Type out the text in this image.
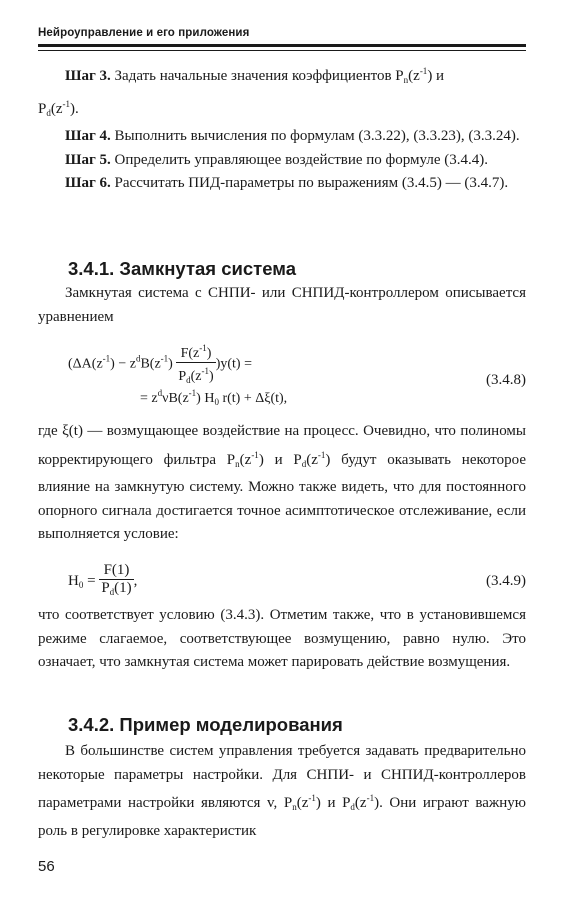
Нейроуправление и его приложения

Шаг 3. Задать начальные значения коэффициентов $P_n(z^{-1})$ и
$P_d(z^{-1})$.

Шаг 4. Выполнить вычисления по формулам (3.3.22), (3.3.23), (3.3.24).

Шаг 5. Определить управляющее воздействие по формуле (3.4.4).

Шаг 6. Рассчитать ПИД-параметры по выражениям (3.4.5) — (3.4.7).

3.4.1. Замкнутая система
Замкнутая система с СНПИ- или СНПИД-контроллером описывается уравнением
$(\Delta A(z^{-1}) - z^dB(z^{-1}) \frac{F(z^{-1})}{P_d(z^{-1})} )y(t)$ =
= $z^d\nu B(z^{-1})$ $H_0$ r(t) + Δξ(t),
(3.4.8)
где ξ(t) — возмущающее воздействие на процесс. Очевидно, что полиномы корректирующего фильтра $P_n(z^{-1})$ и $P_d(z^{-1})$ будут оказывать некоторое влияние на замкнутую систему. Можно также видеть, что для постоянного опорного сигнала достигается точное асимптотическое отслеживание, если выполняется условие:
$H_0 = \frac{F(1)}{P_d(1)}$ ,	(3.4.9)
что соответствует условию (3.4.3). Отметим также, что в установившемся режиме слагаемое, соответствующее возмущению, равно нулю. Это означает, что замкнутая система может парировать действие возмущения.
3.4.2. Пример моделирования
В большинстве систем управления требуется задавать предварительно некоторые параметры настройки. Для СНПИ- и СНПИД-контроллеров параметрами настройки являются v, $P_n(z^{-1})$ и $P_d(z^{-1})$. Они играют важную роль в регулировке характеристик
56
